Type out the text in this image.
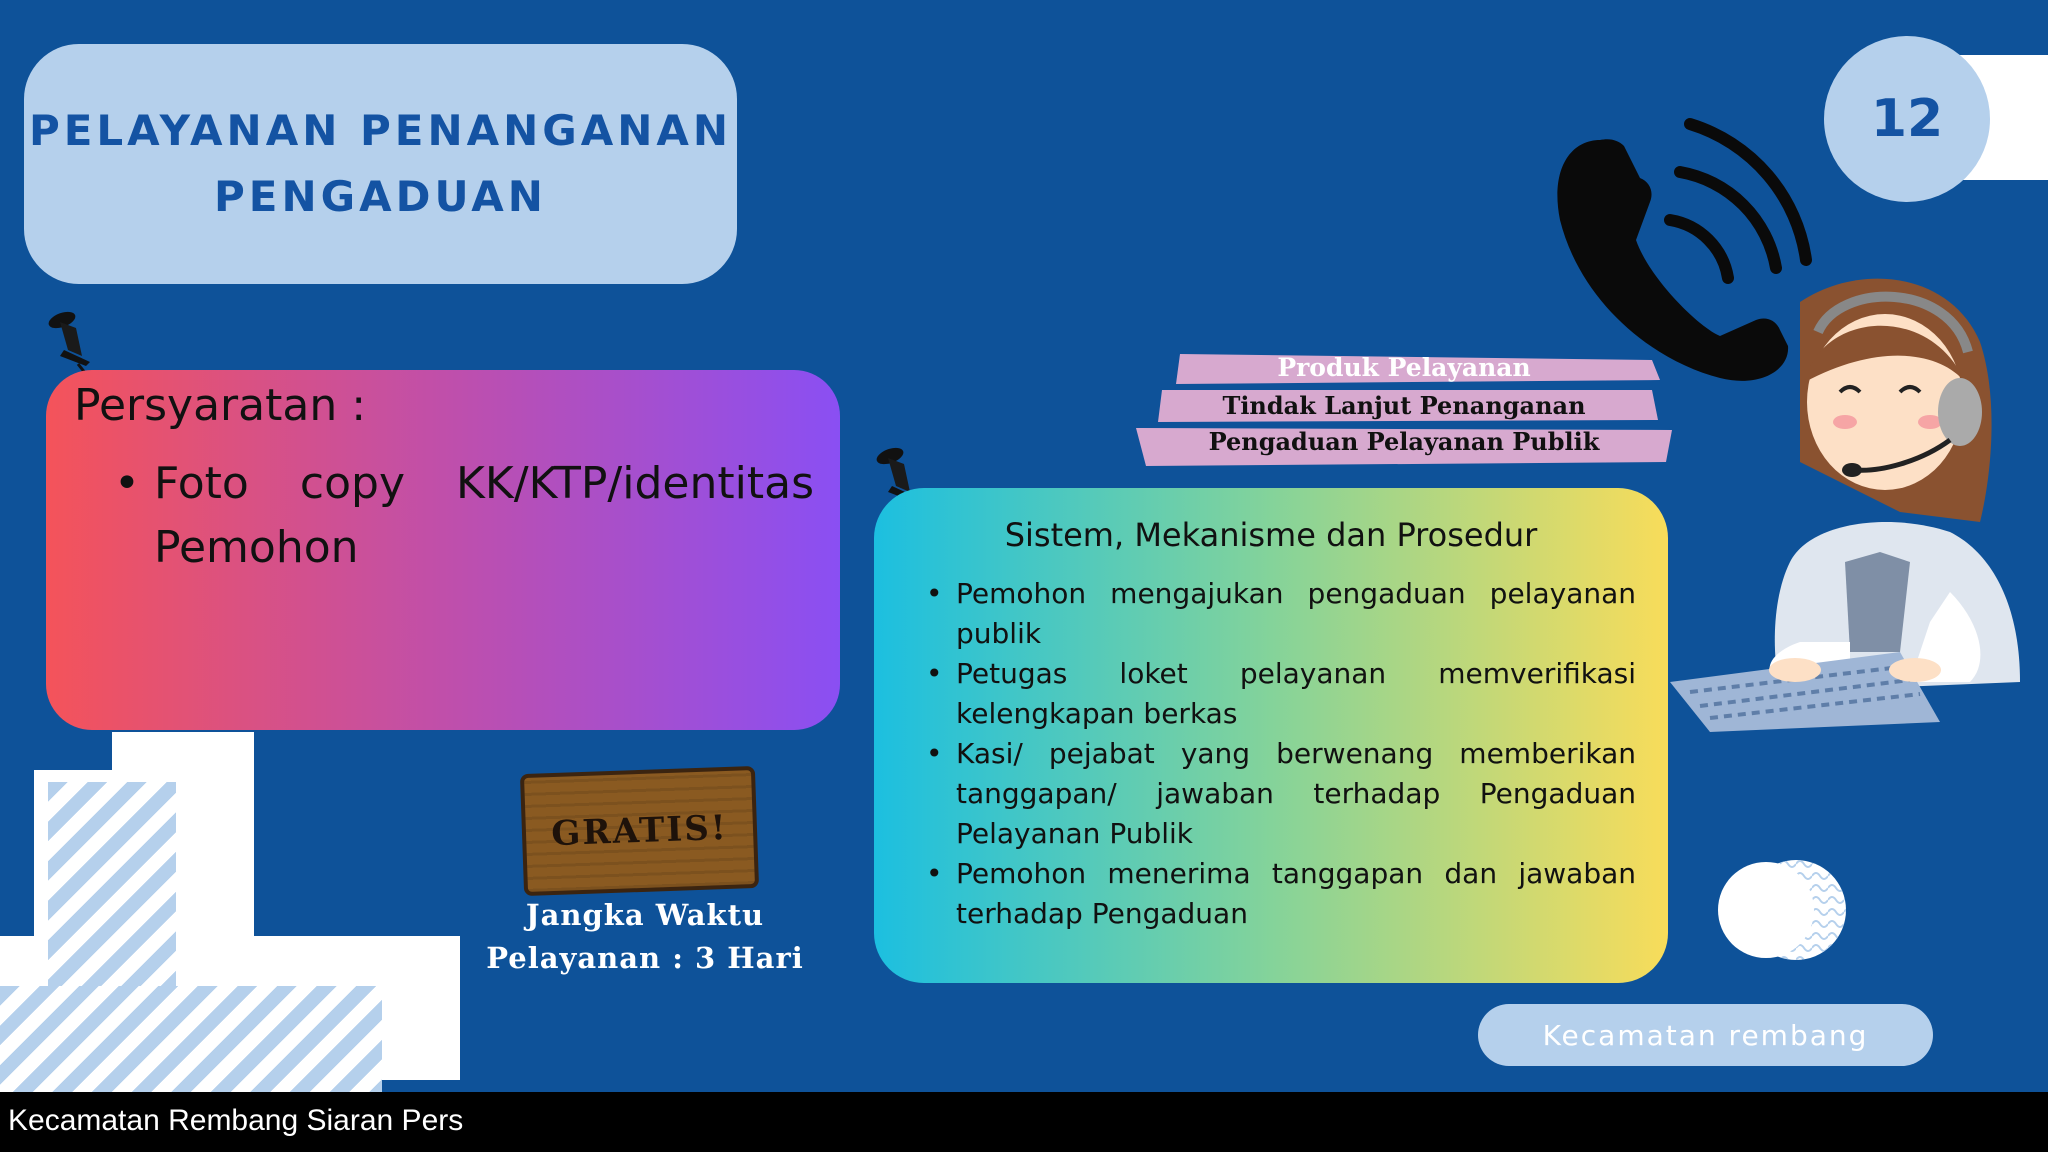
PELAYANAN PENANGANAN
PENGADUAN
12
Persyaratan :
• Foto copy KK/KTP/identitas Pemohon
GRATIS!
Jangka Waktu
Pelayanan : 3 Hari
Produk Pelayanan
Tindak Lanjut Penanganan
Pengaduan Pelayanan Publik
Sistem, Mekanisme dan Prosedur
• Pemohon mengajukan pengaduan pelayanan publik
• Petugas loket pelayanan memverifikasi kelengkapan berkas
• Kasi/ pejabat yang berwenang memberikan tanggapan/ jawaban terhadap Pengaduan Pelayanan Publik
• Pemohon menerima tanggapan dan jawaban terhadap Pengaduan
Kecamatan rembang
Kecamatan Rembang Siaran Pers
